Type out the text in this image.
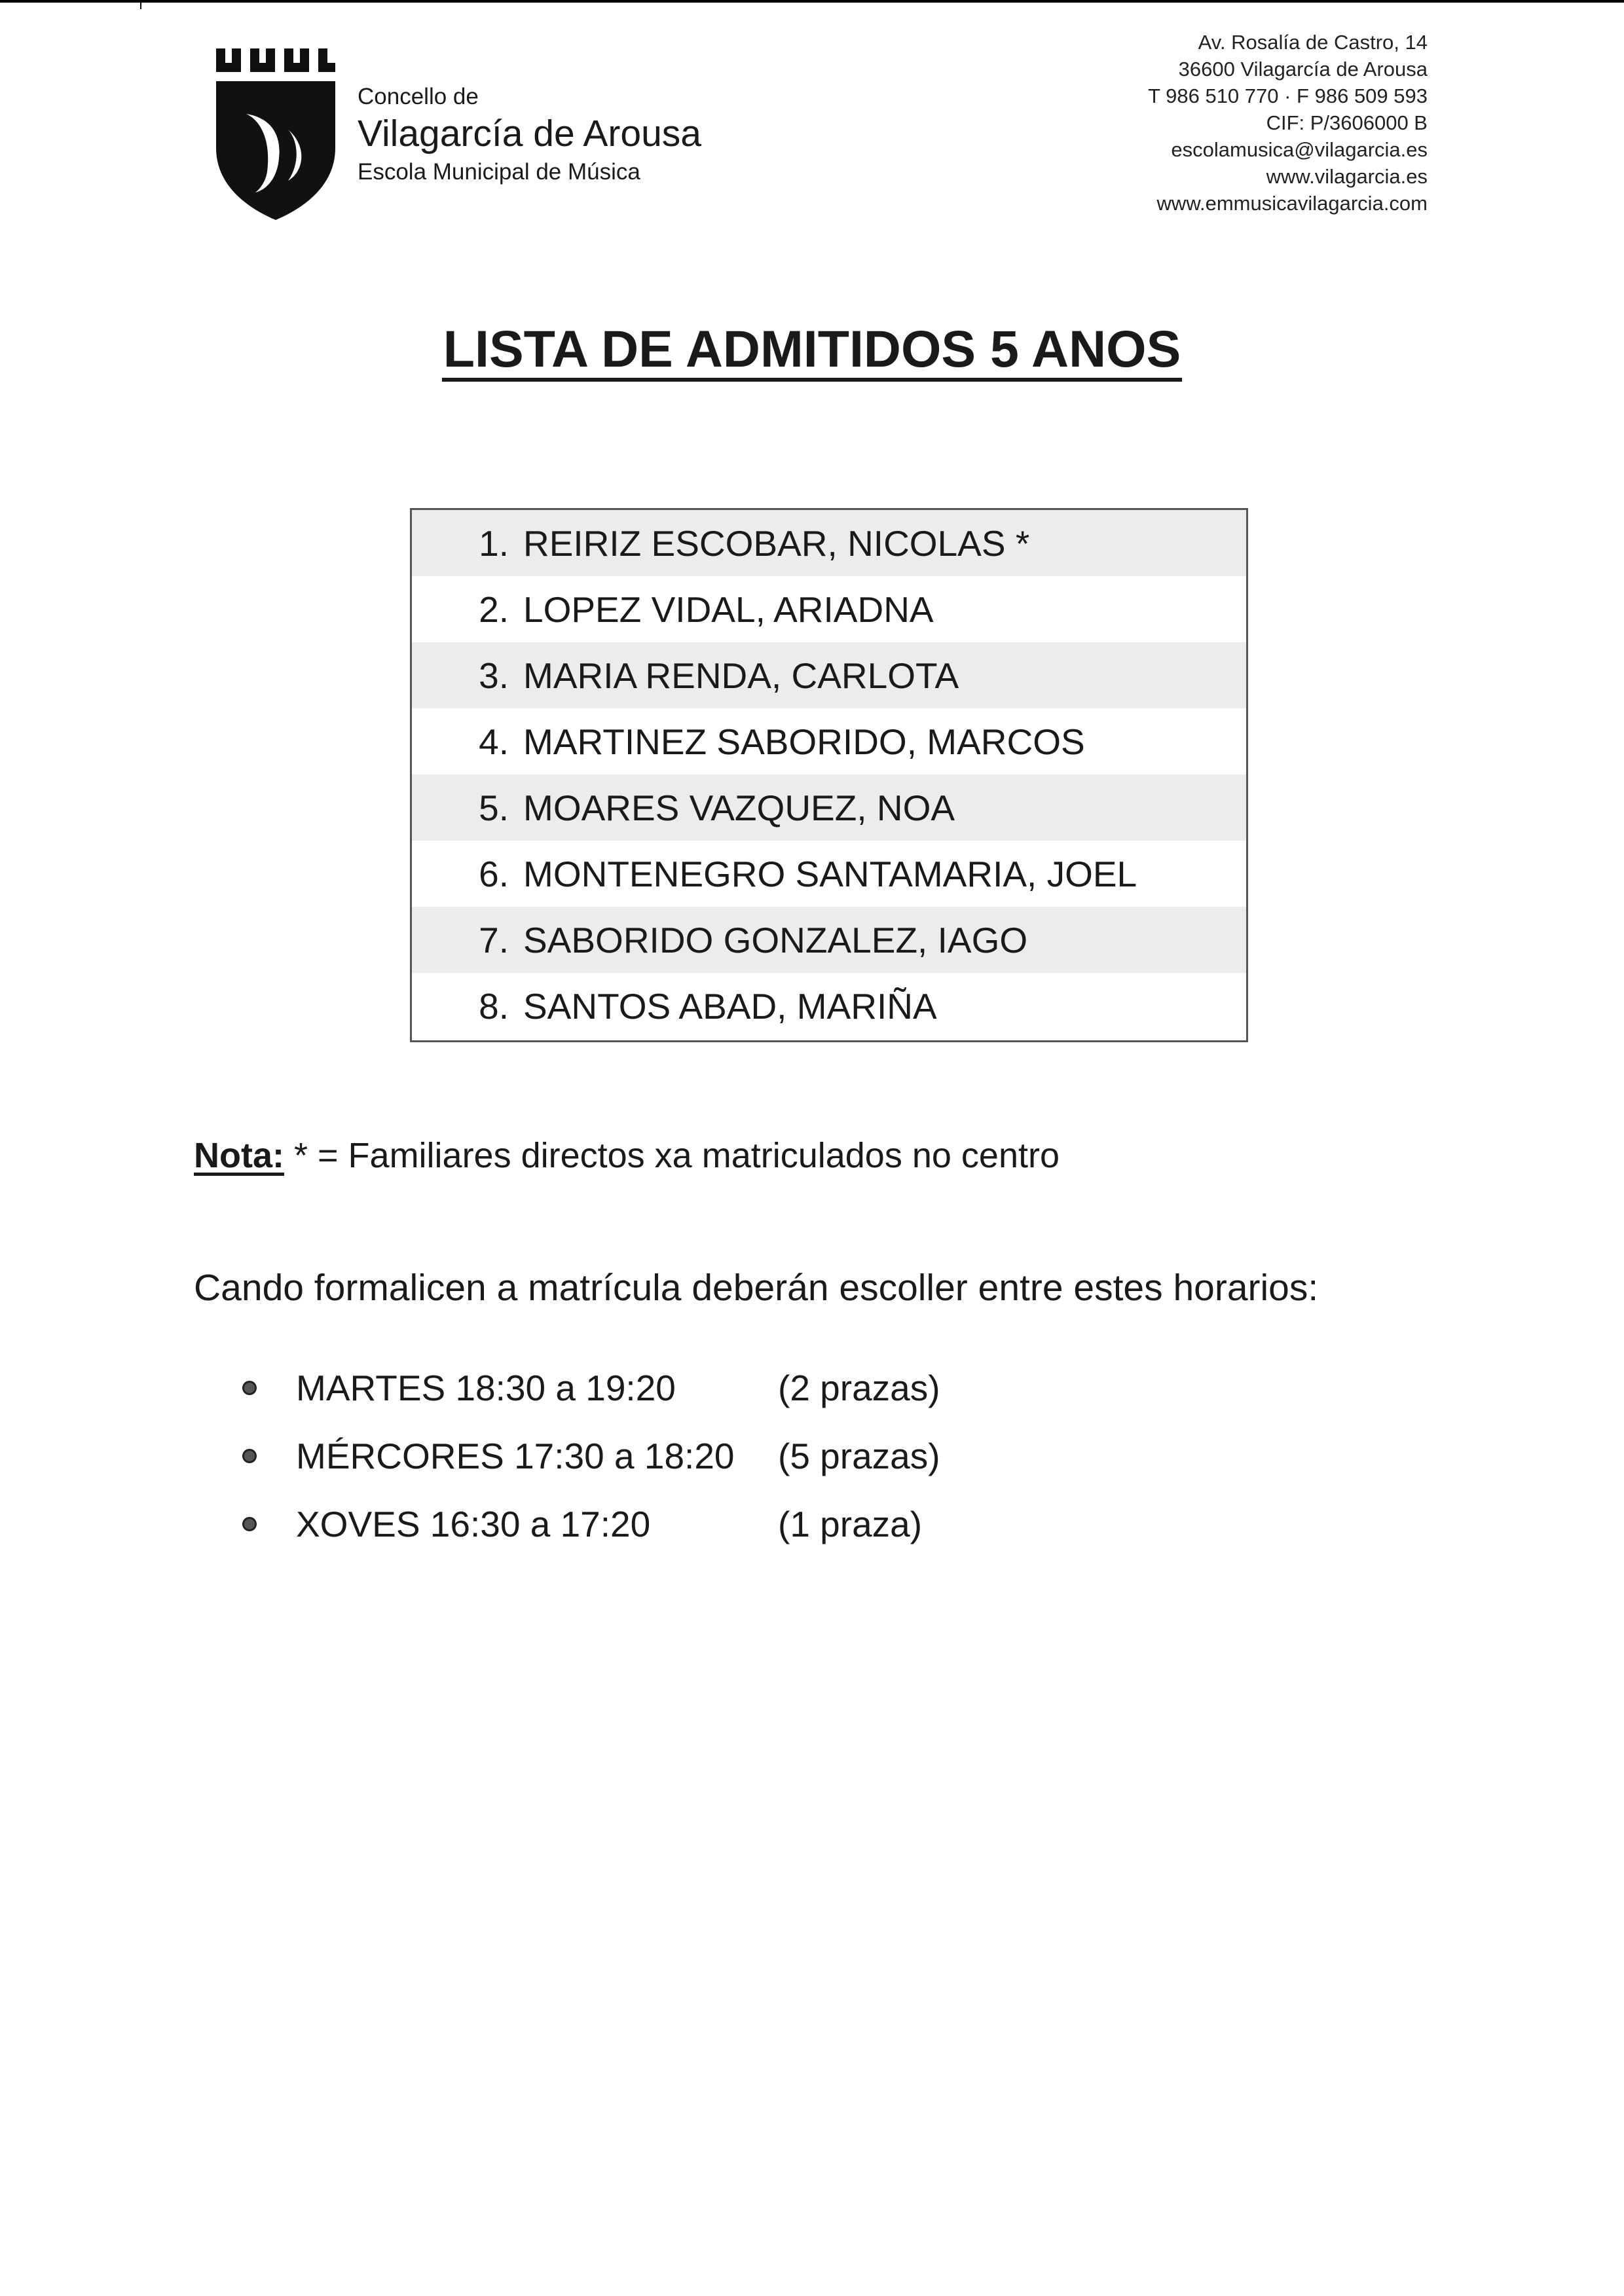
Concello de
Vilagarcía de Arousa
Escola Municipal de Música
Av. Rosalía de Castro, 14
36600 Vilagarcía de Arousa
T 986 510 770 · F 986 509 593
CIF: P/3606000 B
escolamusica@vilagarcia.es
www.vilagarcia.es
www.emmusicavilagarcia.com
LISTA DE ADMITIDOS 5 ANOS
1. REIRIZ ESCOBAR, NICOLAS *
2. LOPEZ VIDAL, ARIADNA
3. MARIA RENDA, CARLOTA
4. MARTINEZ SABORIDO, MARCOS
5. MOARES VAZQUEZ, NOA
6. MONTENEGRO SANTAMARIA, JOEL
7. SABORIDO GONZALEZ, IAGO
8. SANTOS ABAD, MARIÑA
Nota: * = Familiares directos xa matriculados no centro
Cando formalicen a matrícula deberán escoller entre estes horarios:
MARTES 18:30 a 19:20	(2 prazas)
MÉRCORES 17:30 a 18:20	(5 prazas)
XOVES 16:30 a 17:20	(1 praza)
